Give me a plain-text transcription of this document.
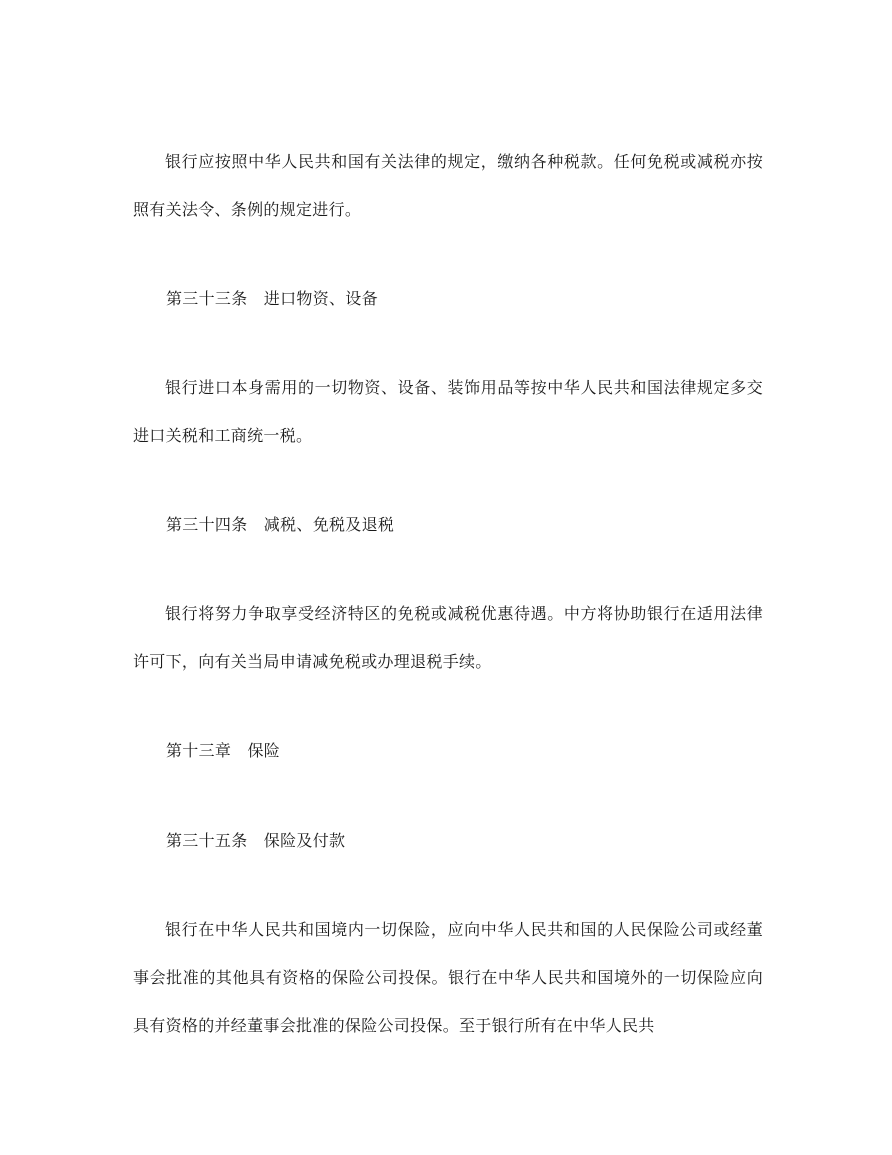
银行应按照中华人民共和国有关法律的规定，缴纳各种税款。任何免税或减税亦按照有关法令、条例的规定进行。

第三十三条　进口物资、设备

银行进口本身需用的一切物资、设备、装饰用品等按中华人民共和国法律规定多交进口关税和工商统一税。

第三十四条　减税、免税及退税

银行将努力争取享受经济特区的免税或减税优惠待遇。中方将协助银行在适用法律许可下，向有关当局申请减免税或办理退税手续。

第十三章　保险

第三十五条　保险及付款

银行在中华人民共和国境内一切保险，应向中华人民共和国的人民保险公司或经董事会批准的其他具有资格的保险公司投保。银行在中华人民共和国境外的一切保险应向具有资格的并经董事会批准的保险公司投保。至于银行所有在中华人民共
